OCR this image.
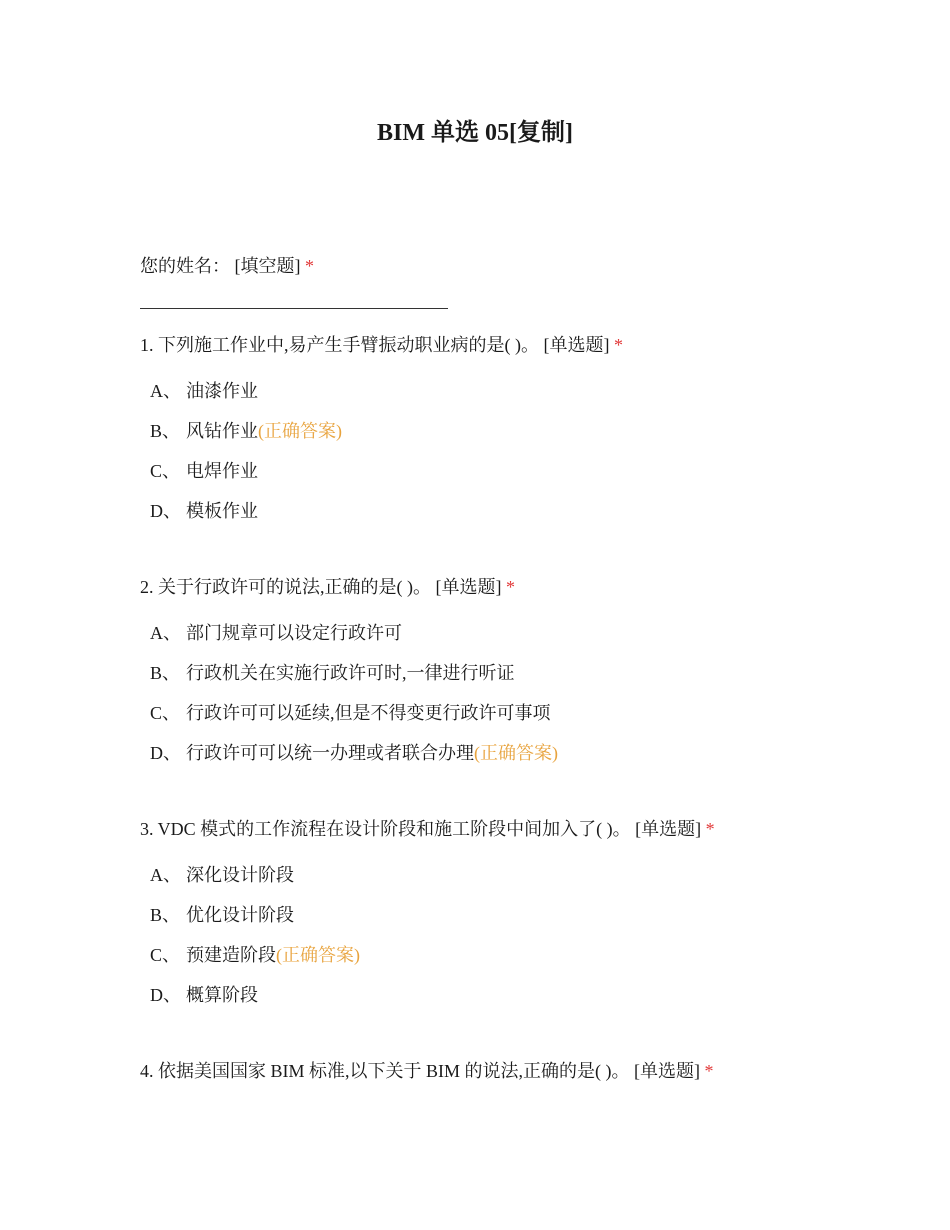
BIM 单选 05[复制]
您的姓名： [填空题] *
1. 下列施工作业中,易产生手臂振动职业病的是( )。 [单选题] *
A、 油漆作业
B、 风钻作业(正确答案)
C、 电焊作业
D、 模板作业
2. 关于行政许可的说法,正确的是( )。 [单选题] *
A、 部门规章可以设定行政许可
B、 行政机关在实施行政许可时,一律进行听证
C、 行政许可可以延续,但是不得变更行政许可事项
D、 行政许可可以统一办理或者联合办理(正确答案)
3. VDC 模式的工作流程在设计阶段和施工阶段中间加入了( )。 [单选题] *
A、 深化设计阶段
B、 优化设计阶段
C、 预建造阶段(正确答案)
D、 概算阶段
4. 依据美国国家 BIM 标准,以下关于 BIM 的说法,正确的是( )。 [单选题] *
